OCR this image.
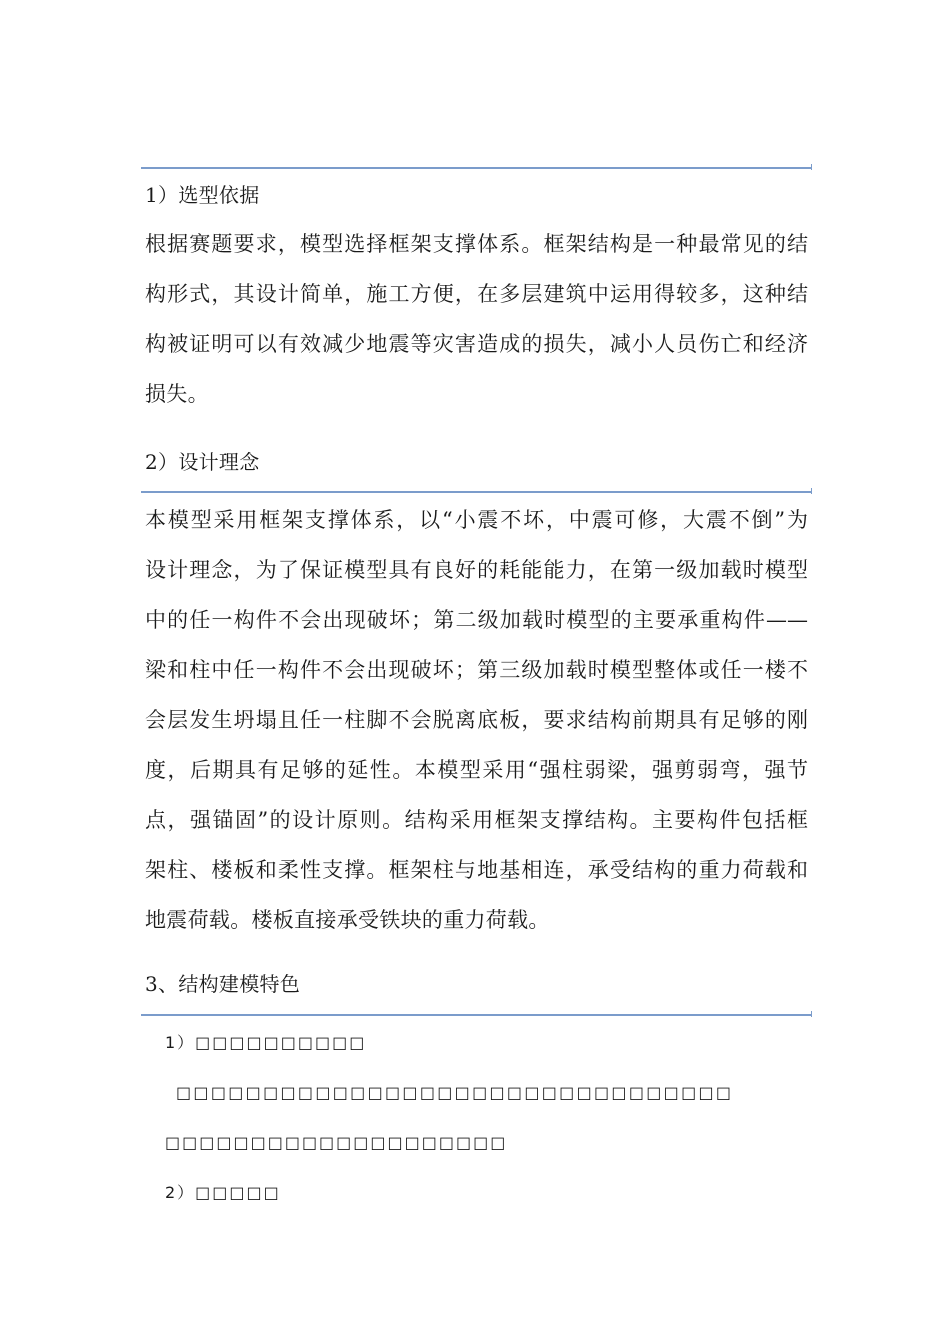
1）选型依据
根据赛题要求，模型选择框架支撑体系。框架结构是一种最常见的结
构形式，其设计简单，施工方便，在多层建筑中运用得较多，这种结
构被证明可以有效减少地震等灾害造成的损失，减小人员伤亡和经济
损失。
2）设计理念
本模型采用框架支撑体系，以“小震不坏，中震可修，大震不倒”为
设计理念，为了保证模型具有良好的耗能能力，在第一级加载时模型
中的任一构件不会出现破坏；第二级加载时模型的主要承重构件——
梁和柱中任一构件不会出现破坏；第三级加载时模型整体或任一楼不
会层发生坍塌且任一柱脚不会脱离底板，要求结构前期具有足够的刚
度，后期具有足够的延性。本模型采用“强柱弱梁，强剪弱弯，强节
点，强锚固”的设计原则。结构采用框架支撑结构。主要构件包括框
架柱、楼板和柔性支撑。框架柱与地基相连，承受结构的重力荷载和
地震荷载。楼板直接承受铁块的重力荷载。
3、结构建模特色
1）□□□□□□□□□□
□□□□□□□□□□□□□□□□□□□□□□□□□□□□□□□□
□□□□□□□□□□□□□□□□□□□□
2）□□□□□
